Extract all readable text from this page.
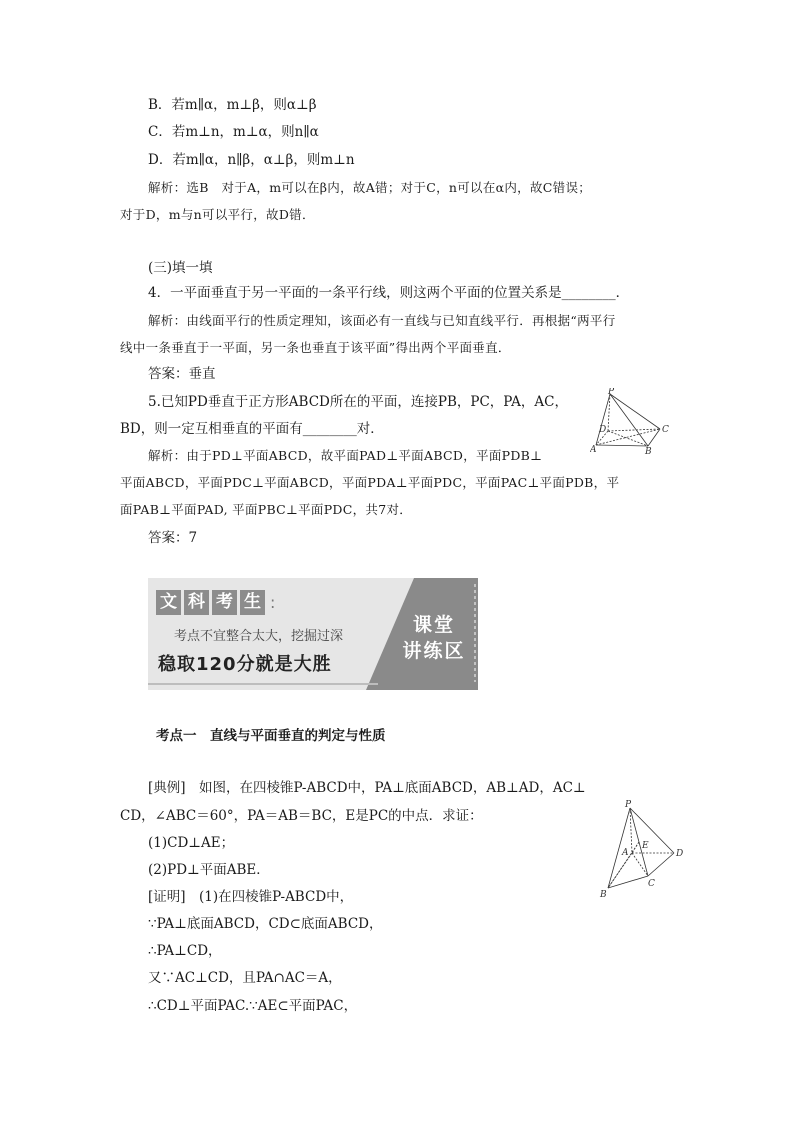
B．若m∥α，m⊥β，则α⊥β
C．若m⊥n，m⊥α，则n∥α
D．若m∥α，n∥β，α⊥β，则m⊥n
解析：选B　对于A，m可以在β内，故A错；对于C，n可以在α内，故C错误；
对于D，m与n可以平行，故D错．
(三)填一填
4．一平面垂直于另一平面的一条平行线，则这两个平面的位置关系是________．
解析：由线面平行的性质定理知，该面必有一直线与已知直线平行．再根据“两平行
线中一条垂直于一平面，另一条也垂直于该平面”得出两个平面垂直．
答案：垂直
5.已知PD垂直于正方形ABCD所在的平面，连接PB，PC，PA，AC，
BD，则一定互相垂直的平面有________对．
P
D	C
A	B
解析：由于PD⊥平面ABCD，故平面PAD⊥平面ABCD，平面PDB⊥
平面ABCD，平面PDC⊥平面ABCD，平面PDA⊥平面PDC，平面PAC⊥平面PDB，平
面PAB⊥平面PAD, 平面PBC⊥平面PDC，共7对．
答案：7
文 科 考 生 :
考点不宜整合太大，挖掘过深
稳取120分就是大胜
课堂
讲练区
考点一　直线与平面垂直的判定与性质
[典例]　如图，在四棱锥P-ABCD中，PA⊥底面ABCD，AB⊥AD，AC⊥
CD，∠ABC＝60°，PA＝AB＝BC，E是PC的中点．求证：
(1)CD⊥AE；
(2)PD⊥平面ABE．
P
E
A	D
B
C
[证明]　(1)在四棱锥P-ABCD中，
∵PA⊥底面ABCD，CD⊂底面ABCD，
∴PA⊥CD，
又∵AC⊥CD，且PA∩AC＝A，
∴CD⊥平面PAC.∵AE⊂平面PAC，
